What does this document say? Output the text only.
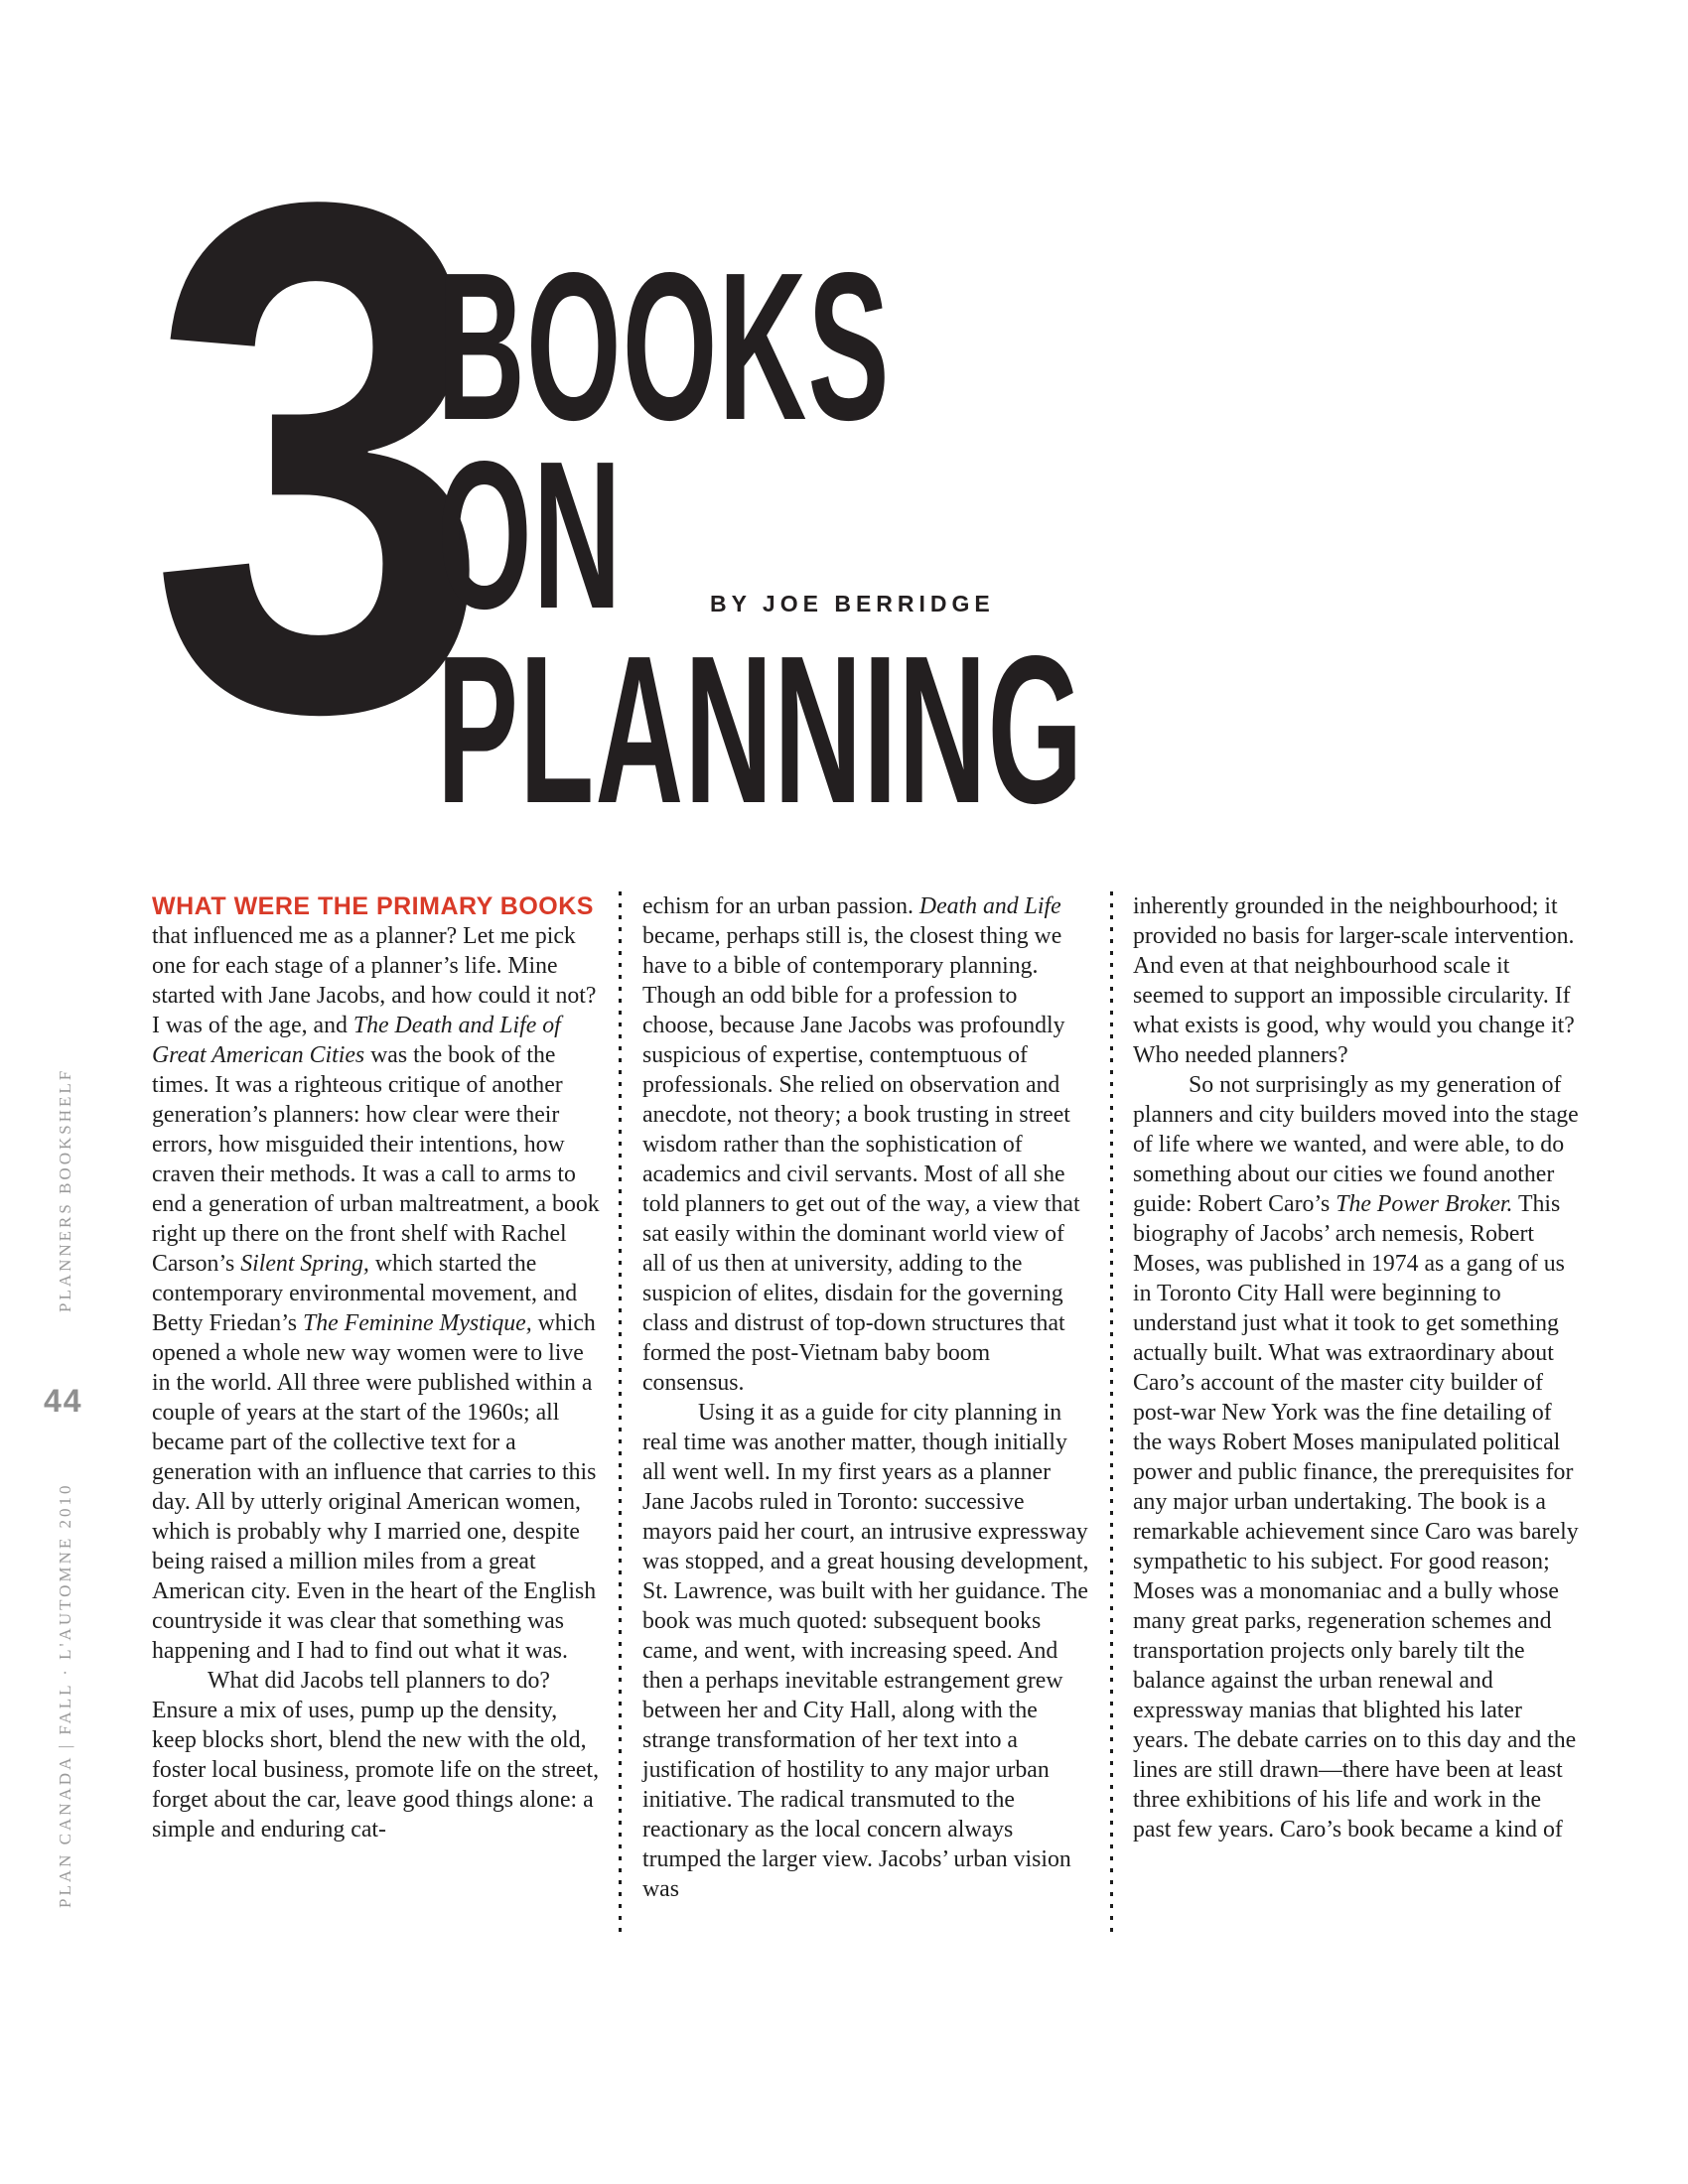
3
BOOKS
ON
PLANNING
BY JOE BERRIDGE
PLANNERS BOOKSHELF
44
PLAN CANADA | FALL · L'AUTOMNE 2010

WHAT WERE THE PRIMARY BOOKS
that influenced me as a planner? Let me pick one for each stage of a planner’s life. Mine started with Jane Jacobs, and how could it not? I was of the age, and The Death and Life of Great American Cities was the book of the times. It was a righteous critique of another generation’s planners: how clear were their errors, how misguided their intentions, how craven their methods. It was a call to arms to end a generation of urban maltreatment, a book right up there on the front shelf with Rachel Carson’s Silent Spring, which started the contemporary environmental movement, and Betty Friedan’s The Feminine Mystique, which opened a whole new way women were to live in the world. All three were published within a couple of years at the start of the 1960s; all became part of the collective text for a generation with an influence that carries to this day. All by utterly original American women, which is probably why I married one, despite being raised a million miles from a great American city. Even in the heart of the English countryside it was clear that something was happening and I had to find out what it was.

What did Jacobs tell planners to do? Ensure a mix of uses, pump up the density, keep blocks short, blend the new with the old, foster local business, promote life on the street, forget about the car, leave good things alone: a simple and enduring cat-

echism for an urban passion. Death and Life became, perhaps still is, the closest thing we have to a bible of contemporary planning. Though an odd bible for a profession to choose, because Jane Jacobs was profoundly suspicious of expertise, contemptuous of professionals. She relied on observation and anecdote, not theory; a book trusting in street wisdom rather than the sophistication of academics and civil servants. Most of all she told planners to get out of the way, a view that sat easily within the dominant world view of all of us then at university, adding to the suspicion of elites, disdain for the governing class and distrust of top-down structures that formed the post-Vietnam baby boom consensus.

Using it as a guide for city planning in real time was another matter, though initially all went well. In my first years as a planner Jane Jacobs ruled in Toronto: successive mayors paid her court, an intrusive expressway was stopped, and a great housing development, St. Lawrence, was built with her guidance. The book was much quoted: subsequent books came, and went, with increasing speed. And then a perhaps inevitable estrangement grew between her and City Hall, along with the strange transformation of her text into a justification of hostility to any major urban initiative. The radical transmuted to the reactionary as the local concern always trumped the larger view. Jacobs’ urban vision was

inherently grounded in the neighbourhood; it provided no basis for larger-scale intervention. And even at that neighbourhood scale it seemed to support an impossible circularity. If what exists is good, why would you change it? Who needed planners?

So not surprisingly as my generation of planners and city builders moved into the stage of life where we wanted, and were able, to do something about our cities we found another guide: Robert Caro’s The Power Broker. This biography of Jacobs’ arch nemesis, Robert Moses, was published in 1974 as a gang of us in Toronto City Hall were beginning to understand just what it took to get something actually built. What was extraordinary about Caro’s account of the master city builder of post-war New York was the fine detailing of the ways Robert Moses manipulated political power and public finance, the prerequisites for any major urban undertaking. The book is a remarkable achievement since Caro was barely sympathetic to his subject. For good reason; Moses was a monomaniac and a bully whose many great parks, regeneration schemes and transportation projects only barely tilt the balance against the urban renewal and expressway manias that blighted his later years. The debate carries on to this day and the lines are still drawn—there have been at least three exhibitions of his life and work in the past few years. Caro’s book became a kind of
